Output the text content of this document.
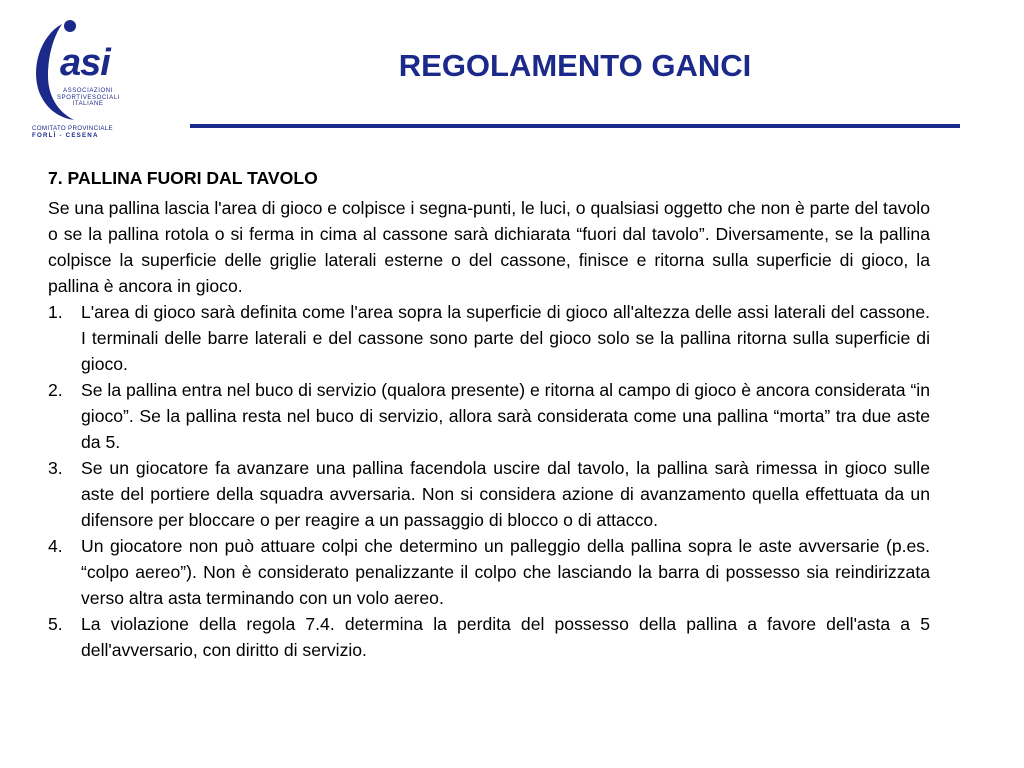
asi
ASSOCIAZIONI
SPORTIVESOCIALI
ITALIANE
COMITATO PROVINCIALE
FORLÌ - CESENA
REGOLAMENTO GANCI
7. PALLINA FUORI DAL TAVOLO

Se una pallina lascia l'area di gioco e colpisce i segna-punti, le luci, o qualsiasi oggetto che non è parte del tavolo o se la pallina rotola o si ferma in cima al cassone sarà dichiarata “fuori dal tavolo”. Diversamente, se la pallina colpisce la superficie delle griglie laterali esterne o del cassone, finisce e ritorna sulla superficie di gioco, la pallina è ancora in gioco.

1. L'area di gioco sarà definita come l'area sopra la superficie di gioco all'altezza delle assi laterali del cassone. I terminali delle barre laterali e del cassone sono parte del gioco solo se la pallina ritorna sulla superficie di gioco.
2. Se la pallina entra nel buco di servizio (qualora presente) e ritorna al campo di gioco è ancora considerata “in gioco”. Se la pallina resta nel buco di servizio, allora sarà considerata come una pallina “morta” tra due aste da 5.
3. Se un giocatore fa avanzare una pallina facendola uscire dal tavolo, la pallina sarà rimessa in gioco sulle aste del portiere della squadra avversaria. Non si considera azione di avanzamento quella effettuata da un difensore per bloccare o per reagire a un passaggio di blocco o di attacco.
4. Un giocatore non può attuare colpi che determino un palleggio della pallina sopra le aste avversarie (p.es. “colpo aereo”). Non è considerato penalizzante il colpo che lasciando la barra di possesso sia reindirizzata verso altra asta terminando con un volo aereo.
5. La violazione della regola 7.4. determina la perdita del possesso della pallina a favore dell'asta a 5 dell'avversario, con diritto di servizio.
